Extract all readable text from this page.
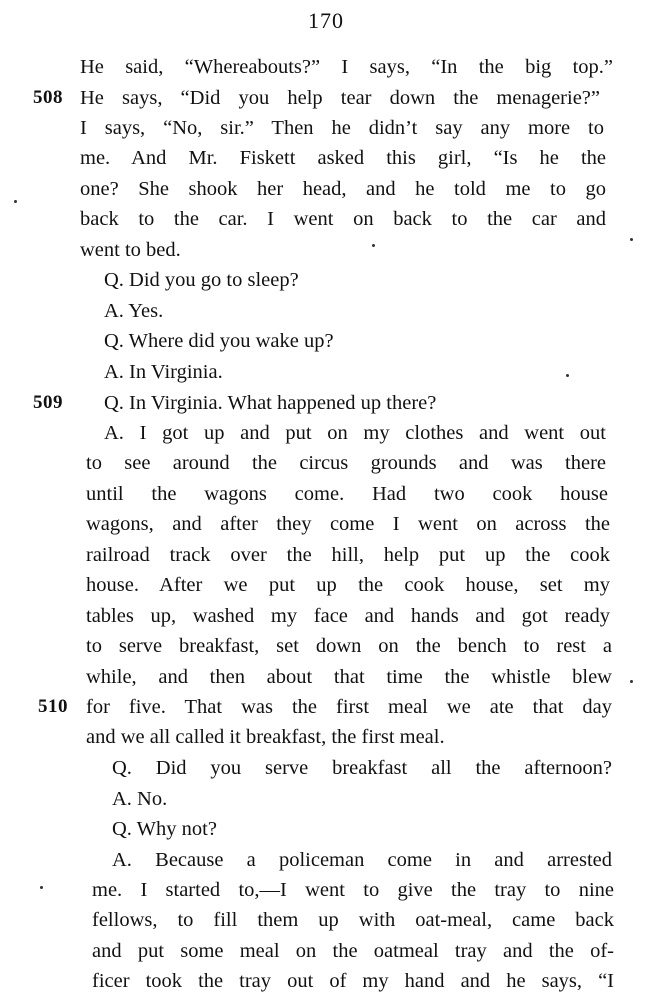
170
He said, “Whereabouts?” I says, “In the big top.”
508 He says, “Did you help tear down the menagerie?”
I says, “No, sir.” Then he didn’t say any more to
me. And Mr. Fiskett asked this girl, “Is he the
one? She shook her head, and he told me to go
back to the car. I went on back to the car and
went to bed.
Q. Did you go to sleep?
A. Yes.
Q. Where did you wake up?
A. In Virginia.
509 Q. In Virginia. What happened up there?
A. I got up and put on my clothes and went out
to see around the circus grounds and was there
until the wagons come. Had two cook house
wagons, and after they come I went on across the
railroad track over the hill, help put up the cook
house. After we put up the cook house, set my
tables up, washed my face and hands and got ready
to serve breakfast, set down on the bench to rest a
while, and then about that time the whistle blew
510 for five. That was the first meal we ate that day
and we all called it breakfast, the first meal.
Q. Did you serve breakfast all the afternoon?
A. No.
Q. Why not?
A. Because a policeman come in and arrested
me. I started to,—I went to give the tray to nine
fellows, to fill them up with oat-meal, came back
and put some meal on the oatmeal tray and the of-
ficer took the tray out of my hand and he says, “I
